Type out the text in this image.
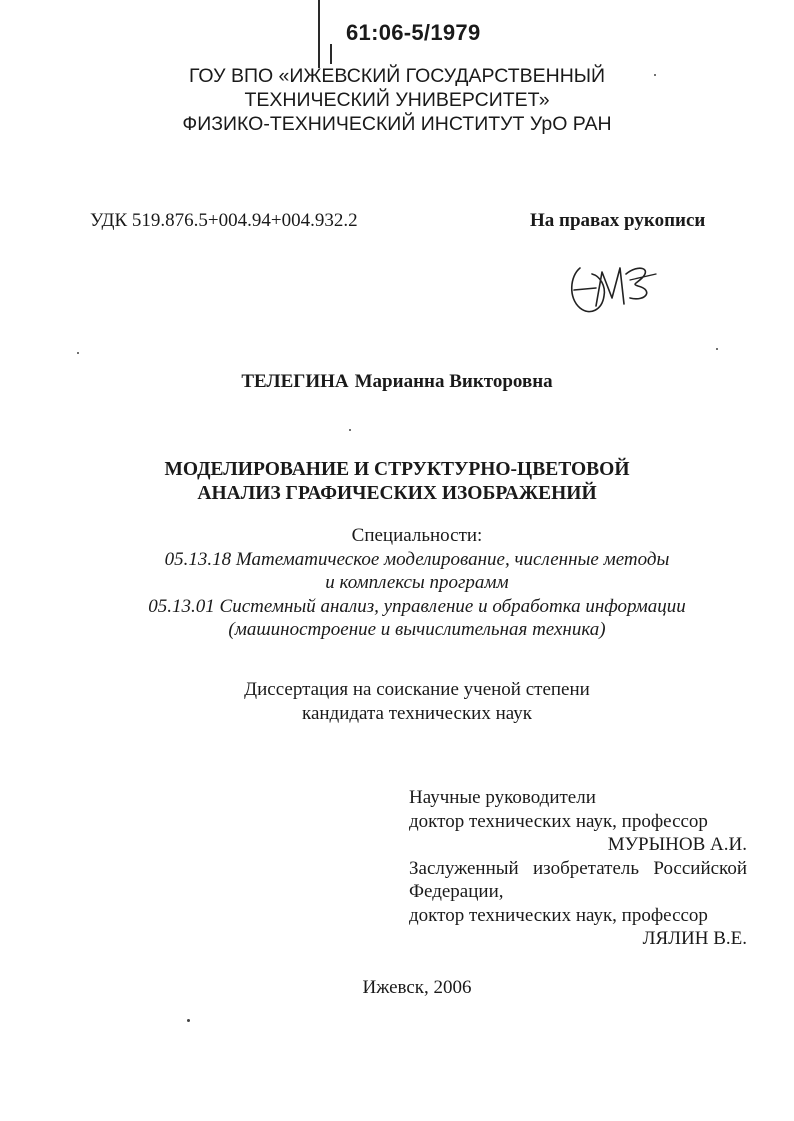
61:06-5/1979
ГОУ ВПО «ИЖЕВСКИЙ ГОСУДАРСТВЕННЫЙ
ТЕХНИЧЕСКИЙ УНИВЕРСИТЕТ»
ФИЗИКО-ТЕХНИЧЕСКИЙ ИНСТИТУТ УрО РАН
УДК 519.876.5+004.94+004.932.2	На правах рукописи
ТЕЛЕГИНА Марианна Викторовна
МОДЕЛИРОВАНИЕ И СТРУКТУРНО-ЦВЕТОВОЙ
АНАЛИЗ ГРАФИЧЕСКИХ ИЗОБРАЖЕНИЙ
Специальности:
05.13.18 Математическое моделирование, численные методы
и комплексы программ
05.13.01 Системный анализ, управление и обработка информации
(машиностроение и вычислительная техника)
Диссертация на соискание ученой степени
кандидата технических наук
Научные руководители
доктор технических наук, профессор
МУРЫНОВ А.И.
Заслуженный изобретатель Российской
Федерации,
доктор технических наук, профессор
ЛЯЛИН В.Е.
Ижевск, 2006
